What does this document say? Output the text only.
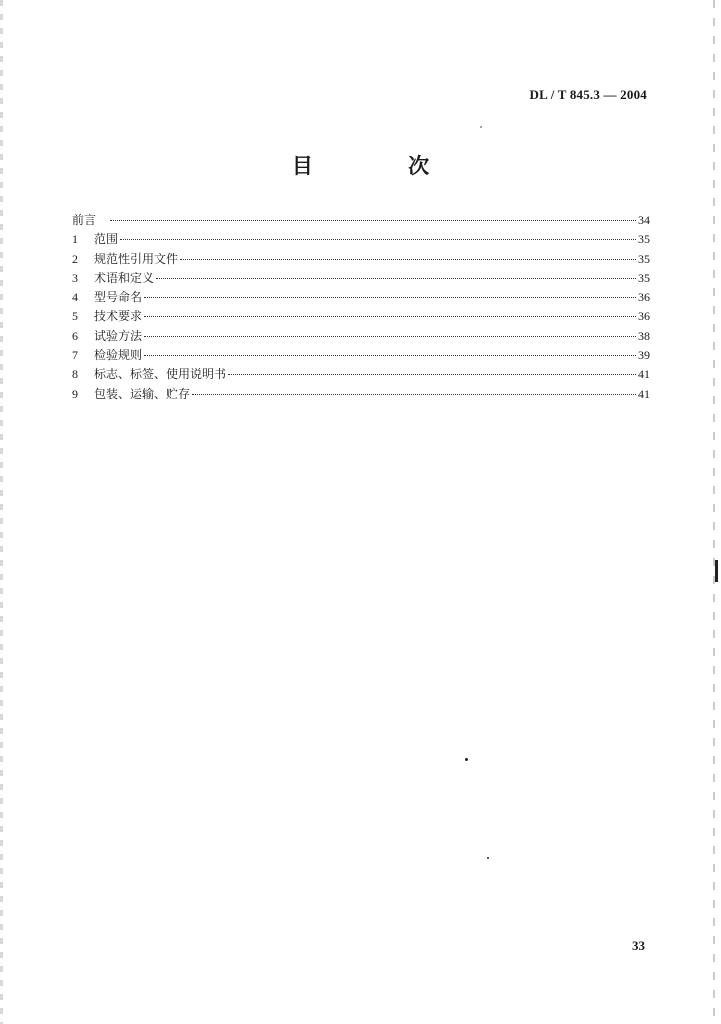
DL / T 845.3 — 2004
目 次
前言	34
1	范围	35
2	规范性引用文件	35
3	术语和定义	35
4	型号命名	36
5	技术要求	36
6	试验方法	38
7	检验规则	39
8	标志、标签、使用说明书	41
9	包装、运输、贮存	41
33
